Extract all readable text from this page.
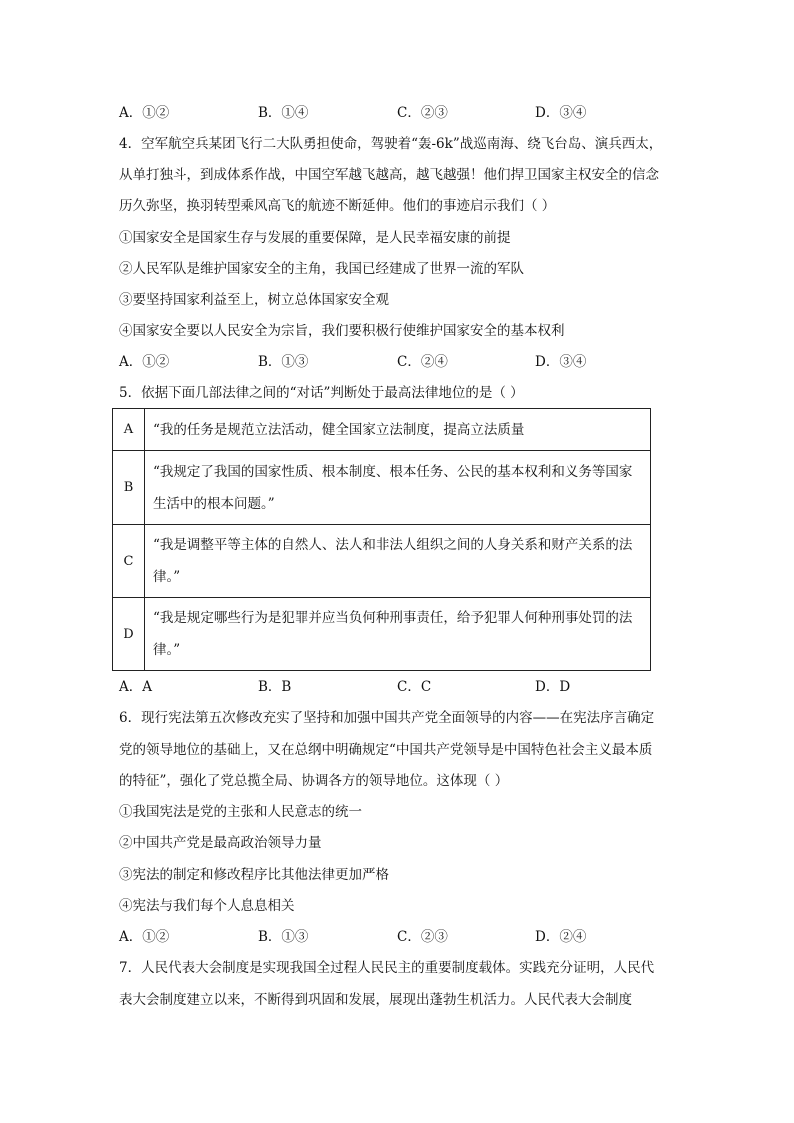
A．①②	B．①④	C．②③	D．③④
4．空军航空兵某团飞行二大队勇担使命，驾驶着“轰-6k”战巡南海、绕飞台岛、演兵西太，
从单打独斗，到成体系作战，中国空军越飞越高，越飞越强！他们捍卫国家主权安全的信念
历久弥坚，换羽转型乘风高飞的航迹不断延伸。他们的事迹启示我们（ ）
①国家安全是国家生存与发展的重要保障，是人民幸福安康的前提
②人民军队是维护国家安全的主角，我国已经建成了世界一流的军队
③要坚持国家利益至上，树立总体国家安全观
④国家安全要以人民安全为宗旨，我们要积极行使维护国家安全的基本权利
A．①②	B．①③	C．②④	D．③④
5．依据下面几部法律之间的“对话”判断处于最高法律地位的是（ ）
A	“我的任务是规范立法活动，健全国家立法制度，提高立法质量
B	“我规定了我国的国家性质、根本制度、根本任务、公民的基本权利和义务等国家生活中的根本问题。”
C	“我是调整平等主体的自然人、法人和非法人组织之间的人身关系和财产关系的法律。”
D	“我是规定哪些行为是犯罪并应当负何种刑事责任，给予犯罪人何种刑事处罚的法律。”
A．A	B．B	C．C	D．D
6．现行宪法第五次修改充实了坚持和加强中国共产党全面领导的内容——在宪法序言确定
党的领导地位的基础上，又在总纲中明确规定“中国共产党领导是中国特色社会主义最本质
的特征”，强化了党总揽全局、协调各方的领导地位。这体现（ ）
①我国宪法是党的主张和人民意志的统一
②中国共产党是最高政治领导力量
③宪法的制定和修改程序比其他法律更加严格
④宪法与我们每个人息息相关
A．①②	B．①③	C．②③	D．②④
7．人民代表大会制度是实现我国全过程人民民主的重要制度载体。实践充分证明，人民代
表大会制度建立以来，不断得到巩固和发展，展现出蓬勃生机活力。人民代表大会制度
